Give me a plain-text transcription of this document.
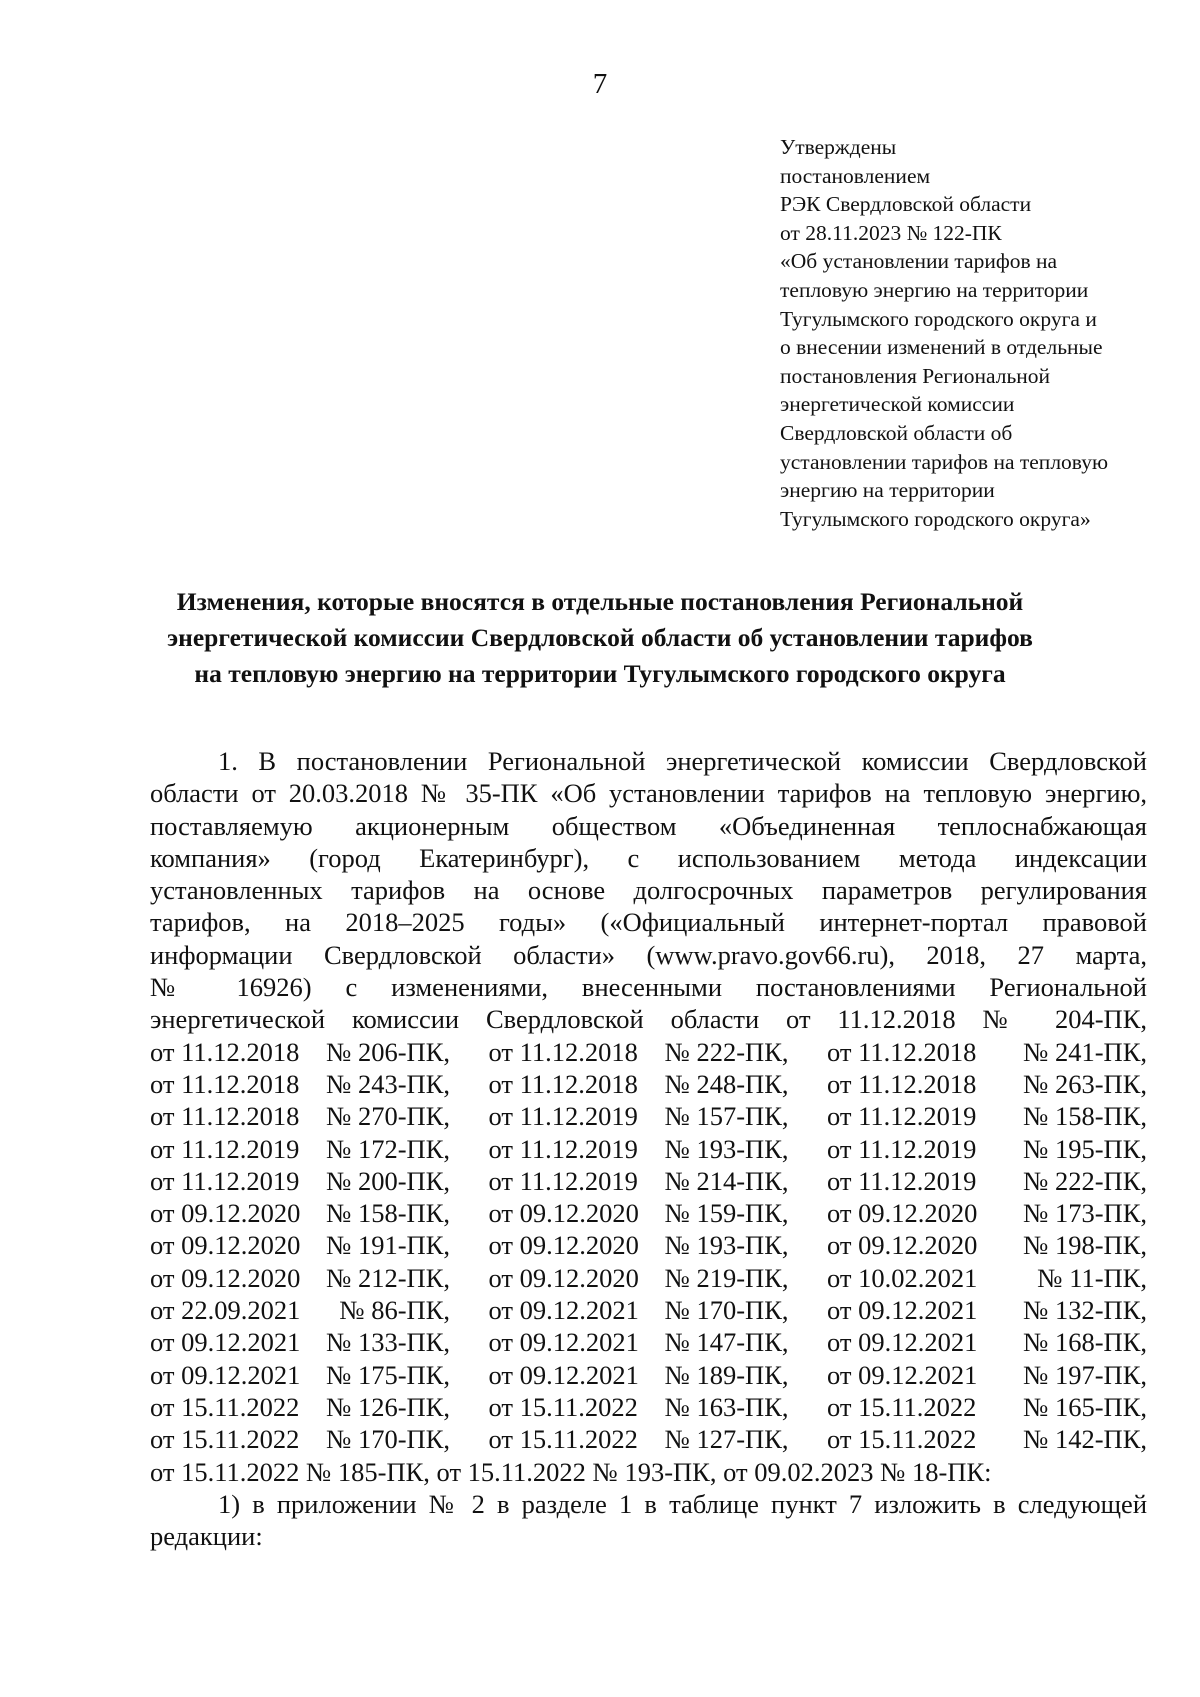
7
Утверждены
постановлением
РЭК Свердловской области
от 28.11.2023 № 122-ПК
«Об установлении тарифов на
тепловую энергию на территории
Тугулымского городского округа и
о внесении изменений в отдельные
постановления Региональной
энергетической комиссии
Свердловской области об
установлении тарифов на тепловую
энергию на территории
Тугулымского городского округа»
Изменения, которые вносятся в отдельные постановления Региональной
энергетической комиссии Свердловской области об установлении тарифов
на тепловую энергию на территории Тугулымского городского округа
1. В постановлении Региональной энергетической комиссии Свердловской
области от 20.03.2018 № 35-ПК «Об установлении тарифов на тепловую энергию,
поставляемую акционерным обществом «Объединенная теплоснабжающая
компания» (город Екатеринбург), с использованием метода индексации
установленных тарифов на основе долгосрочных параметров регулирования
тарифов, на 2018–2025 годы» («Официальный интернет-портал правовой
информации Свердловской области» (www.pravo.gov66.ru), 2018, 27 марта,
№ 16926) с изменениями, внесенными постановлениями Региональной
энергетической комиссии Свердловской области от 11.12.2018 № 204-ПК,
от 11.12.2018 № 206-ПК, от 11.12.2018 № 222-ПК, от 11.12.2018 № 241-ПК,
от 11.12.2018 № 243-ПК, от 11.12.2018 № 248-ПК, от 11.12.2018 № 263-ПК,
от 11.12.2018 № 270-ПК, от 11.12.2019 № 157-ПК, от 11.12.2019 № 158-ПК,
от 11.12.2019 № 172-ПК, от 11.12.2019 № 193-ПК, от 11.12.2019 № 195-ПК,
от 11.12.2019 № 200-ПК, от 11.12.2019 № 214-ПК, от 11.12.2019 № 222-ПК,
от 09.12.2020 № 158-ПК, от 09.12.2020 № 159-ПК, от 09.12.2020 № 173-ПК,
от 09.12.2020 № 191-ПК, от 09.12.2020 № 193-ПК, от 09.12.2020 № 198-ПК,
от 09.12.2020 № 212-ПК, от 09.12.2020 № 219-ПК, от 10.02.2021 № 11-ПК,
от 22.09.2021 № 86-ПК, от 09.12.2021 № 170-ПК, от 09.12.2021 № 132-ПК,
от 09.12.2021 № 133-ПК, от 09.12.2021 № 147-ПК, от 09.12.2021 № 168-ПК,
от 09.12.2021 № 175-ПК, от 09.12.2021 № 189-ПК, от 09.12.2021 № 197-ПК,
от 15.11.2022 № 126-ПК, от 15.11.2022 № 163-ПК, от 15.11.2022 № 165-ПК,
от 15.11.2022 № 170-ПК, от 15.11.2022 № 127-ПК, от 15.11.2022 № 142-ПК,
от 15.11.2022 № 185-ПК, от 15.11.2022 № 193-ПК, от 09.02.2023 № 18-ПК:
1) в приложении № 2 в разделе 1 в таблице пункт 7 изложить в следующей
редакции:
